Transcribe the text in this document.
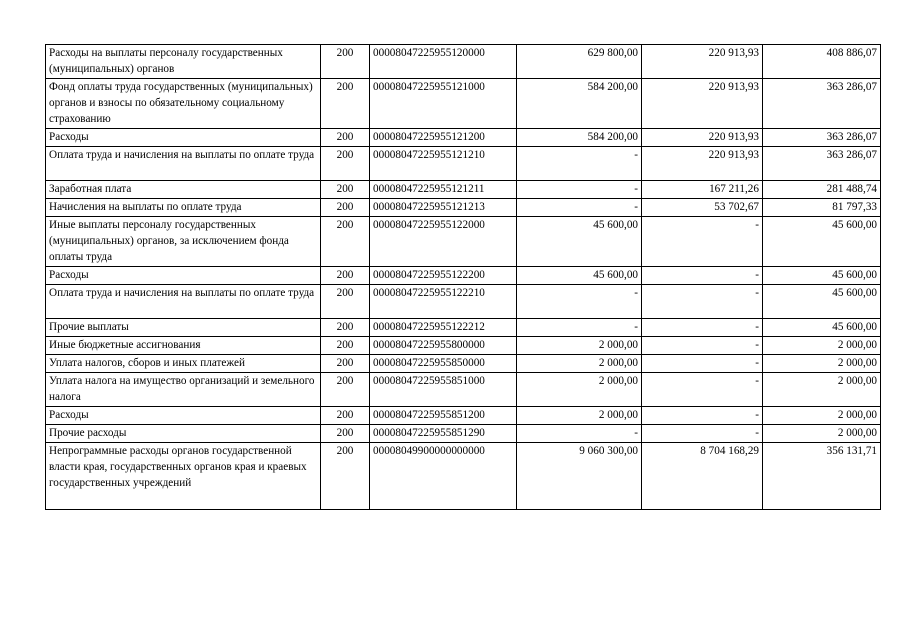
Расходы на выплаты персоналу государственных (муниципальных) органов	200	00008047225955120000	629 800,00	220 913,93	408 886,07
Фонд оплаты труда государственных (муниципальных) органов и взносы по обязательному социальному страхованию	200	00008047225955121000	584 200,00	220 913,93	363 286,07
Расходы	200	00008047225955121200	584 200,00	220 913,93	363 286,07
Оплата труда и начисления на выплаты по оплате труда	200	00008047225955121210	-	220 913,93	363 286,07
Заработная плата	200	00008047225955121211	-	167 211,26	281 488,74
Начисления на выплаты по оплате труда	200	00008047225955121213	-	53 702,67	81 797,33
Иные выплаты персоналу государственных (муниципальных) органов, за исключением фонда оплаты труда	200	00008047225955122000	45 600,00	-	45 600,00
Расходы	200	00008047225955122200	45 600,00	-	45 600,00
Оплата труда и начисления на выплаты по оплате труда	200	00008047225955122210	-	-	45 600,00
Прочие выплаты	200	00008047225955122212	-	-	45 600,00
Иные бюджетные ассигнования	200	00008047225955800000	2 000,00	-	2 000,00
Уплата налогов, сборов и иных платежей	200	00008047225955850000	2 000,00	-	2 000,00
Уплата налога на имущество организаций и земельного налога	200	00008047225955851000	2 000,00	-	2 000,00
Расходы	200	00008047225955851200	2 000,00	-	2 000,00
Прочие расходы	200	00008047225955851290	-	-	2 000,00
Непрограммные расходы органов государственной власти края, государственных органов края и краевых государственных учреждений	200	00008049900000000000	9 060 300,00	8 704 168,29	356 131,71
